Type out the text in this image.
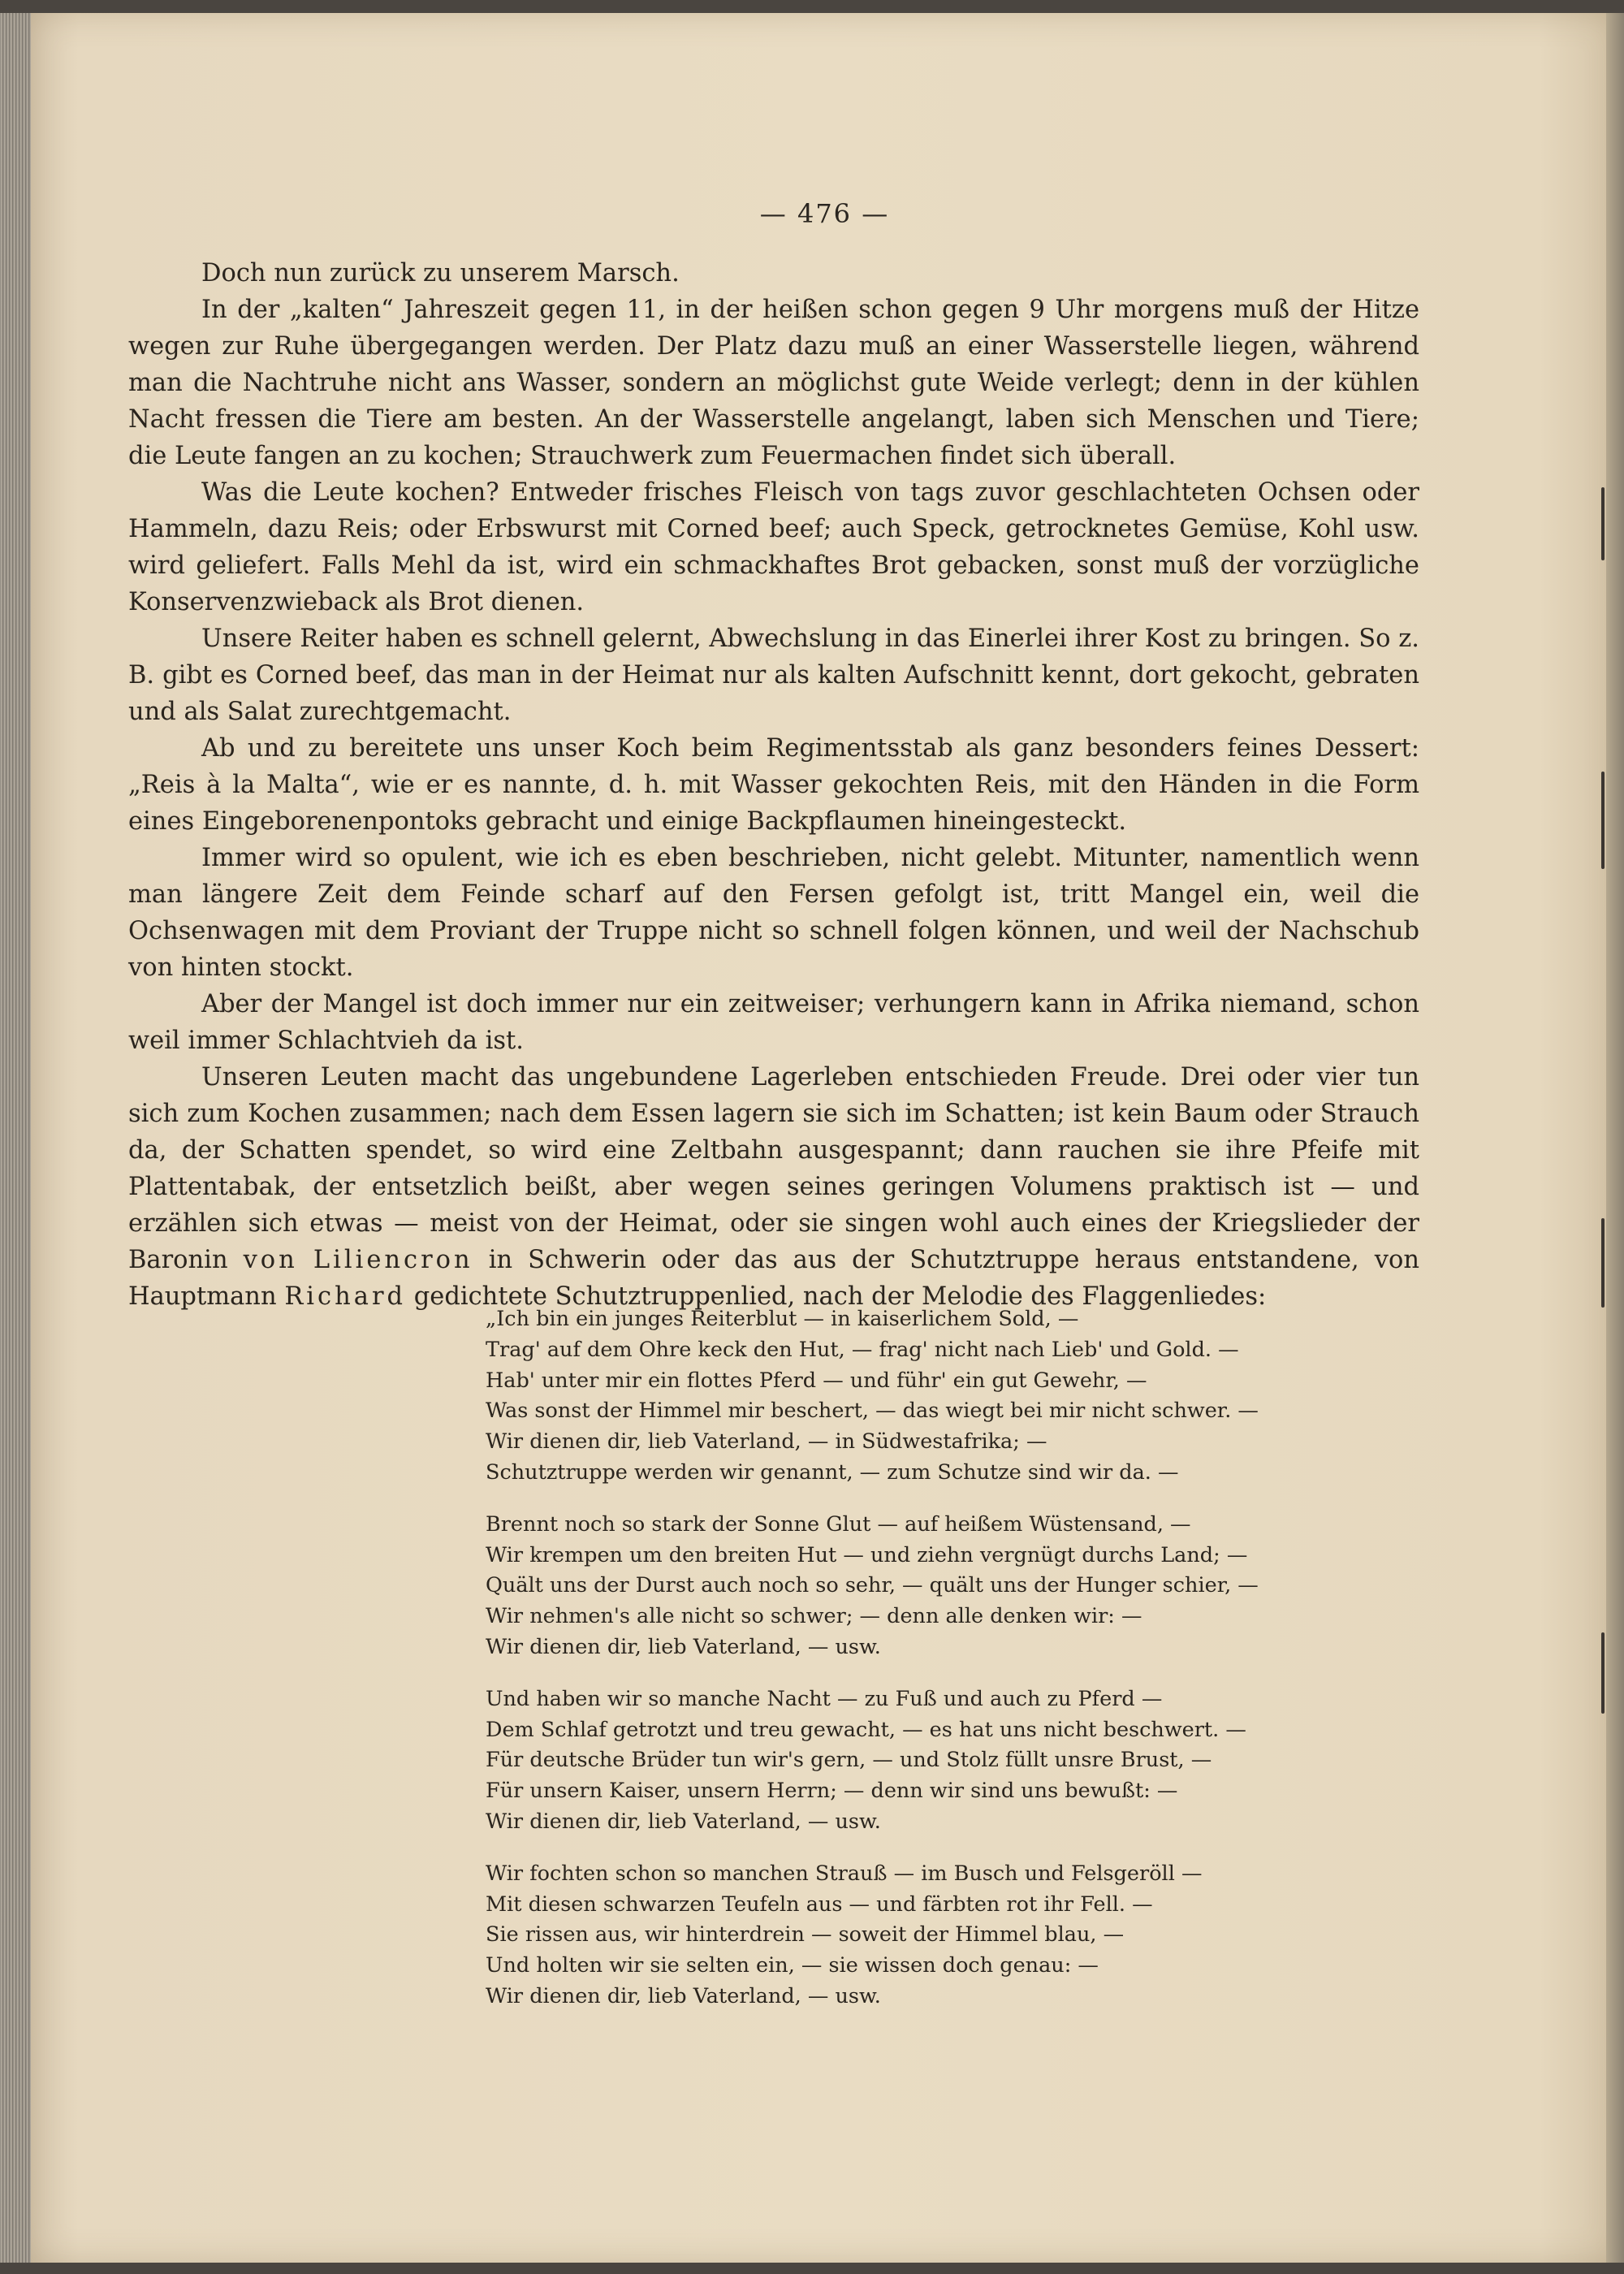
— 476 —

Doch nun zurück zu unserem Marsch.

In der „kalten“ Jahreszeit gegen 11, in der heißen schon gegen 9 Uhr morgens muß der Hitze wegen zur Ruhe übergegangen werden. Der Platz dazu muß an einer Wasserstelle liegen, während man die Nachtruhe nicht ans Wasser, sondern an möglichst gute Weide verlegt; denn in der kühlen Nacht fressen die Tiere am besten. An der Wasserstelle angelangt, laben sich Menschen und Tiere; die Leute fangen an zu kochen; Strauchwerk zum Feuermachen findet sich überall.

Was die Leute kochen? Entweder frisches Fleisch von tags zuvor geschlachteten Ochsen oder Hammeln, dazu Reis; oder Erbswurst mit Corned beef; auch Speck, getrocknetes Gemüse, Kohl usw. wird geliefert. Falls Mehl da ist, wird ein schmackhaftes Brot gebacken, sonst muß der vorzügliche Konservenzwieback als Brot dienen.

Unsere Reiter haben es schnell gelernt, Abwechslung in das Einerlei ihrer Kost zu bringen. So z. B. gibt es Corned beef, das man in der Heimat nur als kalten Aufschnitt kennt, dort gekocht, gebraten und als Salat zurechtgemacht.

Ab und zu bereitete uns unser Koch beim Regimentsstab als ganz besonders feines Dessert: „Reis à la Malta“, wie er es nannte, d. h. mit Wasser gekochten Reis, mit den Händen in die Form eines Eingeborenenpontoks gebracht und einige Backpflaumen hineingesteckt.

Immer wird so opulent, wie ich es eben beschrieben, nicht gelebt. Mitunter, namentlich wenn man längere Zeit dem Feinde scharf auf den Fersen gefolgt ist, tritt Mangel ein, weil die Ochsenwagen mit dem Proviant der Truppe nicht so schnell folgen können, und weil der Nachschub von hinten stockt.

Aber der Mangel ist doch immer nur ein zeitweiser; verhungern kann in Afrika niemand, schon weil immer Schlachtvieh da ist.

Unseren Leuten macht das ungebundene Lagerleben entschieden Freude. Drei oder vier tun sich zum Kochen zusammen; nach dem Essen lagern sie sich im Schatten; ist kein Baum oder Strauch da, der Schatten spendet, so wird eine Zeltbahn ausgespannt; dann rauchen sie ihre Pfeife mit Plattentabak, der entsetzlich beißt, aber wegen seines geringen Volumens praktisch ist — und erzählen sich etwas — meist von der Heimat, oder sie singen wohl auch eines der Kriegslieder der Baronin von Liliencron in Schwerin oder das aus der Schutztruppe heraus entstandene, von Hauptmann Richard gedichtete Schutztruppenlied, nach der Melodie des Flaggenliedes:

„Ich bin ein junges Reiterblut — in kaiserlichem Sold, —
Trag' auf dem Ohre keck den Hut, — frag' nicht nach Lieb' und Gold. —
Hab' unter mir ein flottes Pferd — und führ' ein gut Gewehr, —
Was sonst der Himmel mir beschert, — das wiegt bei mir nicht schwer. —
Wir dienen dir, lieb Vaterland, — in Südwestafrika; —
Schutztruppe werden wir genannt, — zum Schutze sind wir da. —
Brennt noch so stark der Sonne Glut — auf heißem Wüstensand, —
Wir krempen um den breiten Hut — und ziehn vergnügt durchs Land; —
Quält uns der Durst auch noch so sehr, — quält uns der Hunger schier, —
Wir nehmen's alle nicht so schwer; — denn alle denken wir: —
Wir dienen dir, lieb Vaterland, — usw.
Und haben wir so manche Nacht — zu Fuß und auch zu Pferd —
Dem Schlaf getrotzt und treu gewacht, — es hat uns nicht beschwert. —
Für deutsche Brüder tun wir's gern, — und Stolz füllt unsre Brust, —
Für unsern Kaiser, unsern Herrn; — denn wir sind uns bewußt: —
Wir dienen dir, lieb Vaterland, — usw.
Wir fochten schon so manchen Strauß — im Busch und Felsgeröll —
Mit diesen schwarzen Teufeln aus — und färbten rot ihr Fell. —
Sie rissen aus, wir hinterdrein — soweit der Himmel blau, —
Und holten wir sie selten ein, — sie wissen doch genau: —
Wir dienen dir, lieb Vaterland, — usw.
